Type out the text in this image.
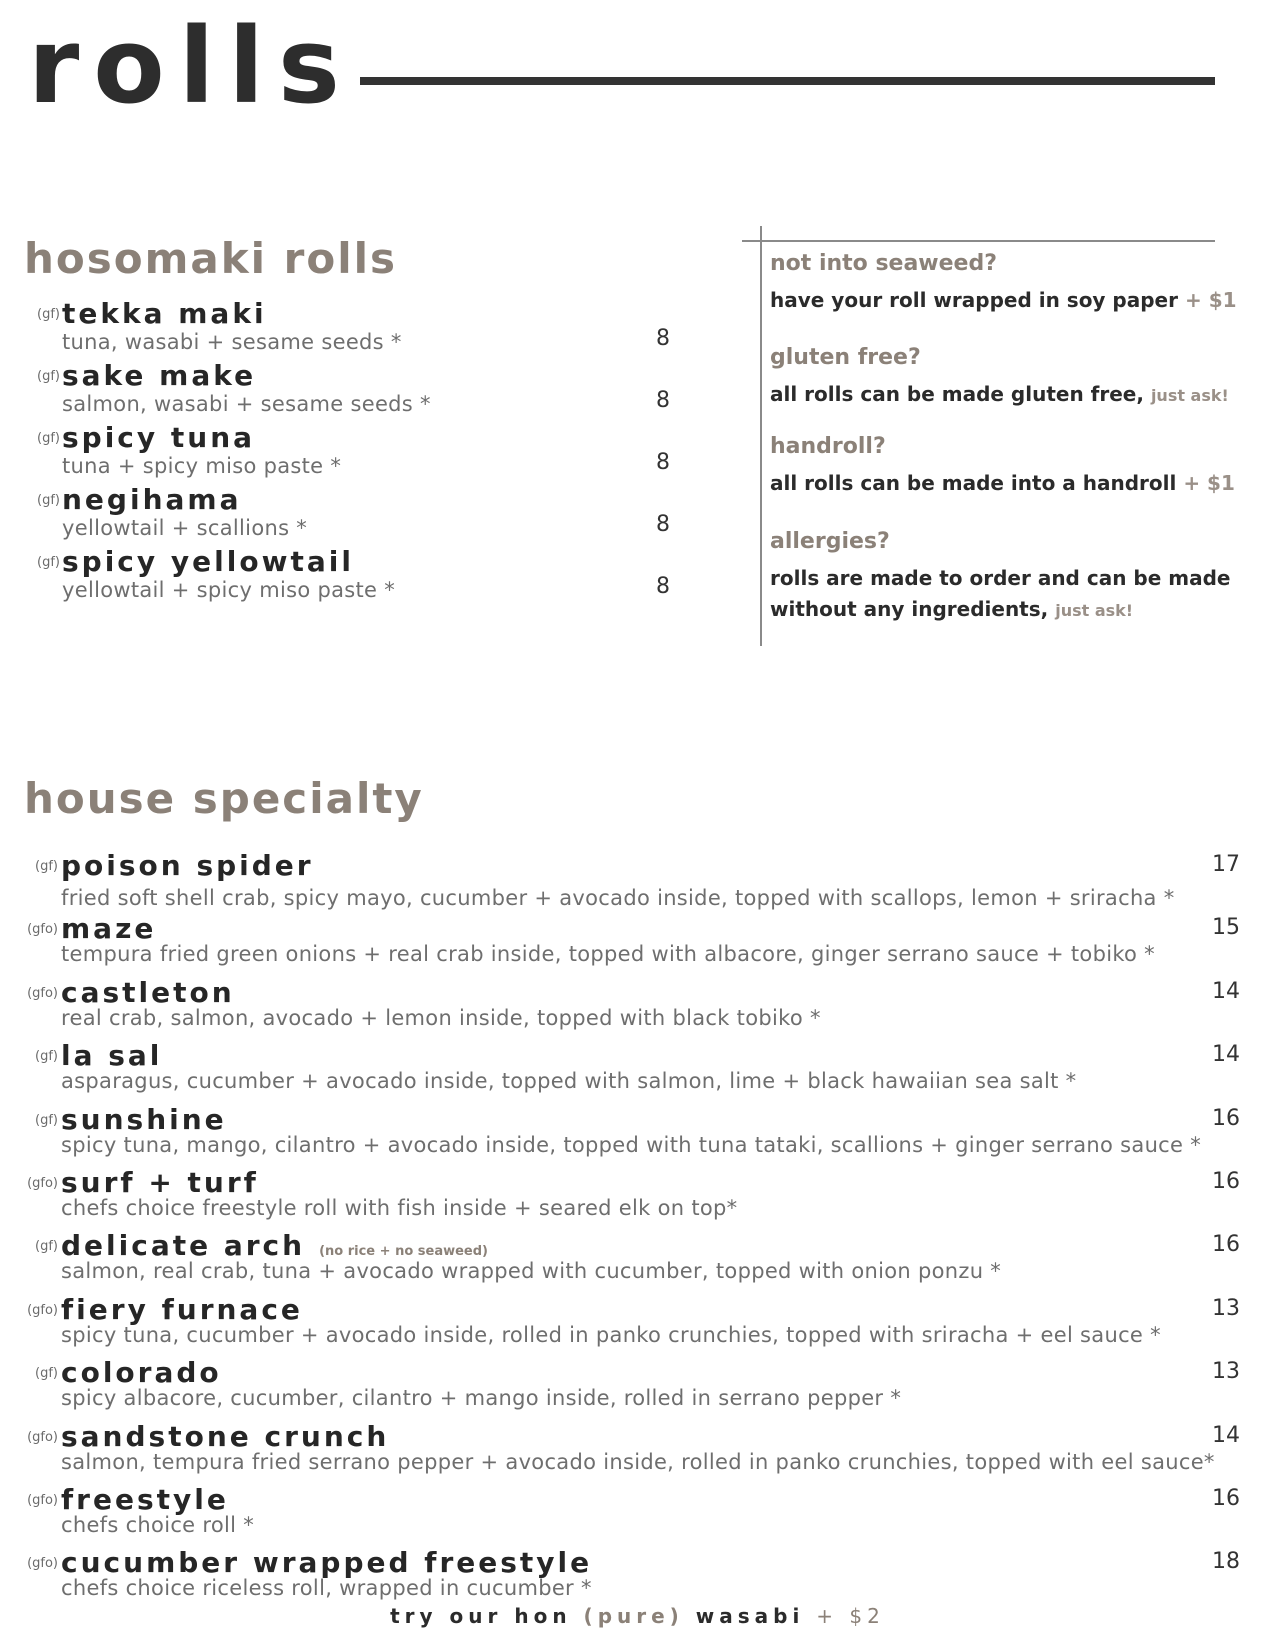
rolls
hosomaki rolls
(gf) tekka maki
tuna, wasabi + sesame seeds *	8
(gf) sake make
salmon, wasabi + sesame seeds *	8
(gf) spicy tuna
tuna + spicy miso paste *	8
(gf) negihama
yellowtail + scallions *	8
(gf) spicy yellowtail
yellowtail + spicy miso paste *	8
not into seaweed?
have your roll wrapped in soy paper + $1
gluten free?
all rolls can be made gluten free, just ask!
handroll?
all rolls can be made into a handroll + $1
allergies?
rolls are made to order and can be made
without any ingredients, just ask!
house specialty
(gf) poison spider
fried soft shell crab, spicy mayo, cucumber + avocado inside, topped with scallops, lemon + sriracha *
17
(gfo) maze
tempura fried green onions + real crab inside, topped with albacore, ginger serrano sauce + tobiko *
15
(gfo) castleton
real crab, salmon, avocado + lemon inside, topped with black tobiko *
14
(gf) la sal
asparagus, cucumber + avocado inside, topped with salmon, lime + black hawaiian sea salt *
14
(gf) sunshine
spicy tuna, mango, cilantro + avocado inside, topped with tuna tataki, scallions + ginger serrano sauce *
16
(gfo) surf + turf
chefs choice freestyle roll with fish inside + seared elk on top*
16
(gf) delicate arch (no rice + no seaweed)
salmon, real crab, tuna + avocado wrapped with cucumber, topped with onion ponzu *
16
(gfo) fiery furnace
spicy tuna, cucumber + avocado inside, rolled in panko crunchies, topped with sriracha + eel sauce *
13
(gf) colorado
spicy albacore, cucumber, cilantro + mango inside, rolled in serrano pepper *
13
(gfo) sandstone crunch
salmon, tempura fried serrano pepper + avocado inside, rolled in panko crunchies, topped with eel sauce*
14
(gfo) freestyle
chefs choice roll *
16
(gfo) cucumber wrapped freestyle
chefs choice riceless roll, wrapped in cucumber *
18
try our hon (pure) wasabi + $2
